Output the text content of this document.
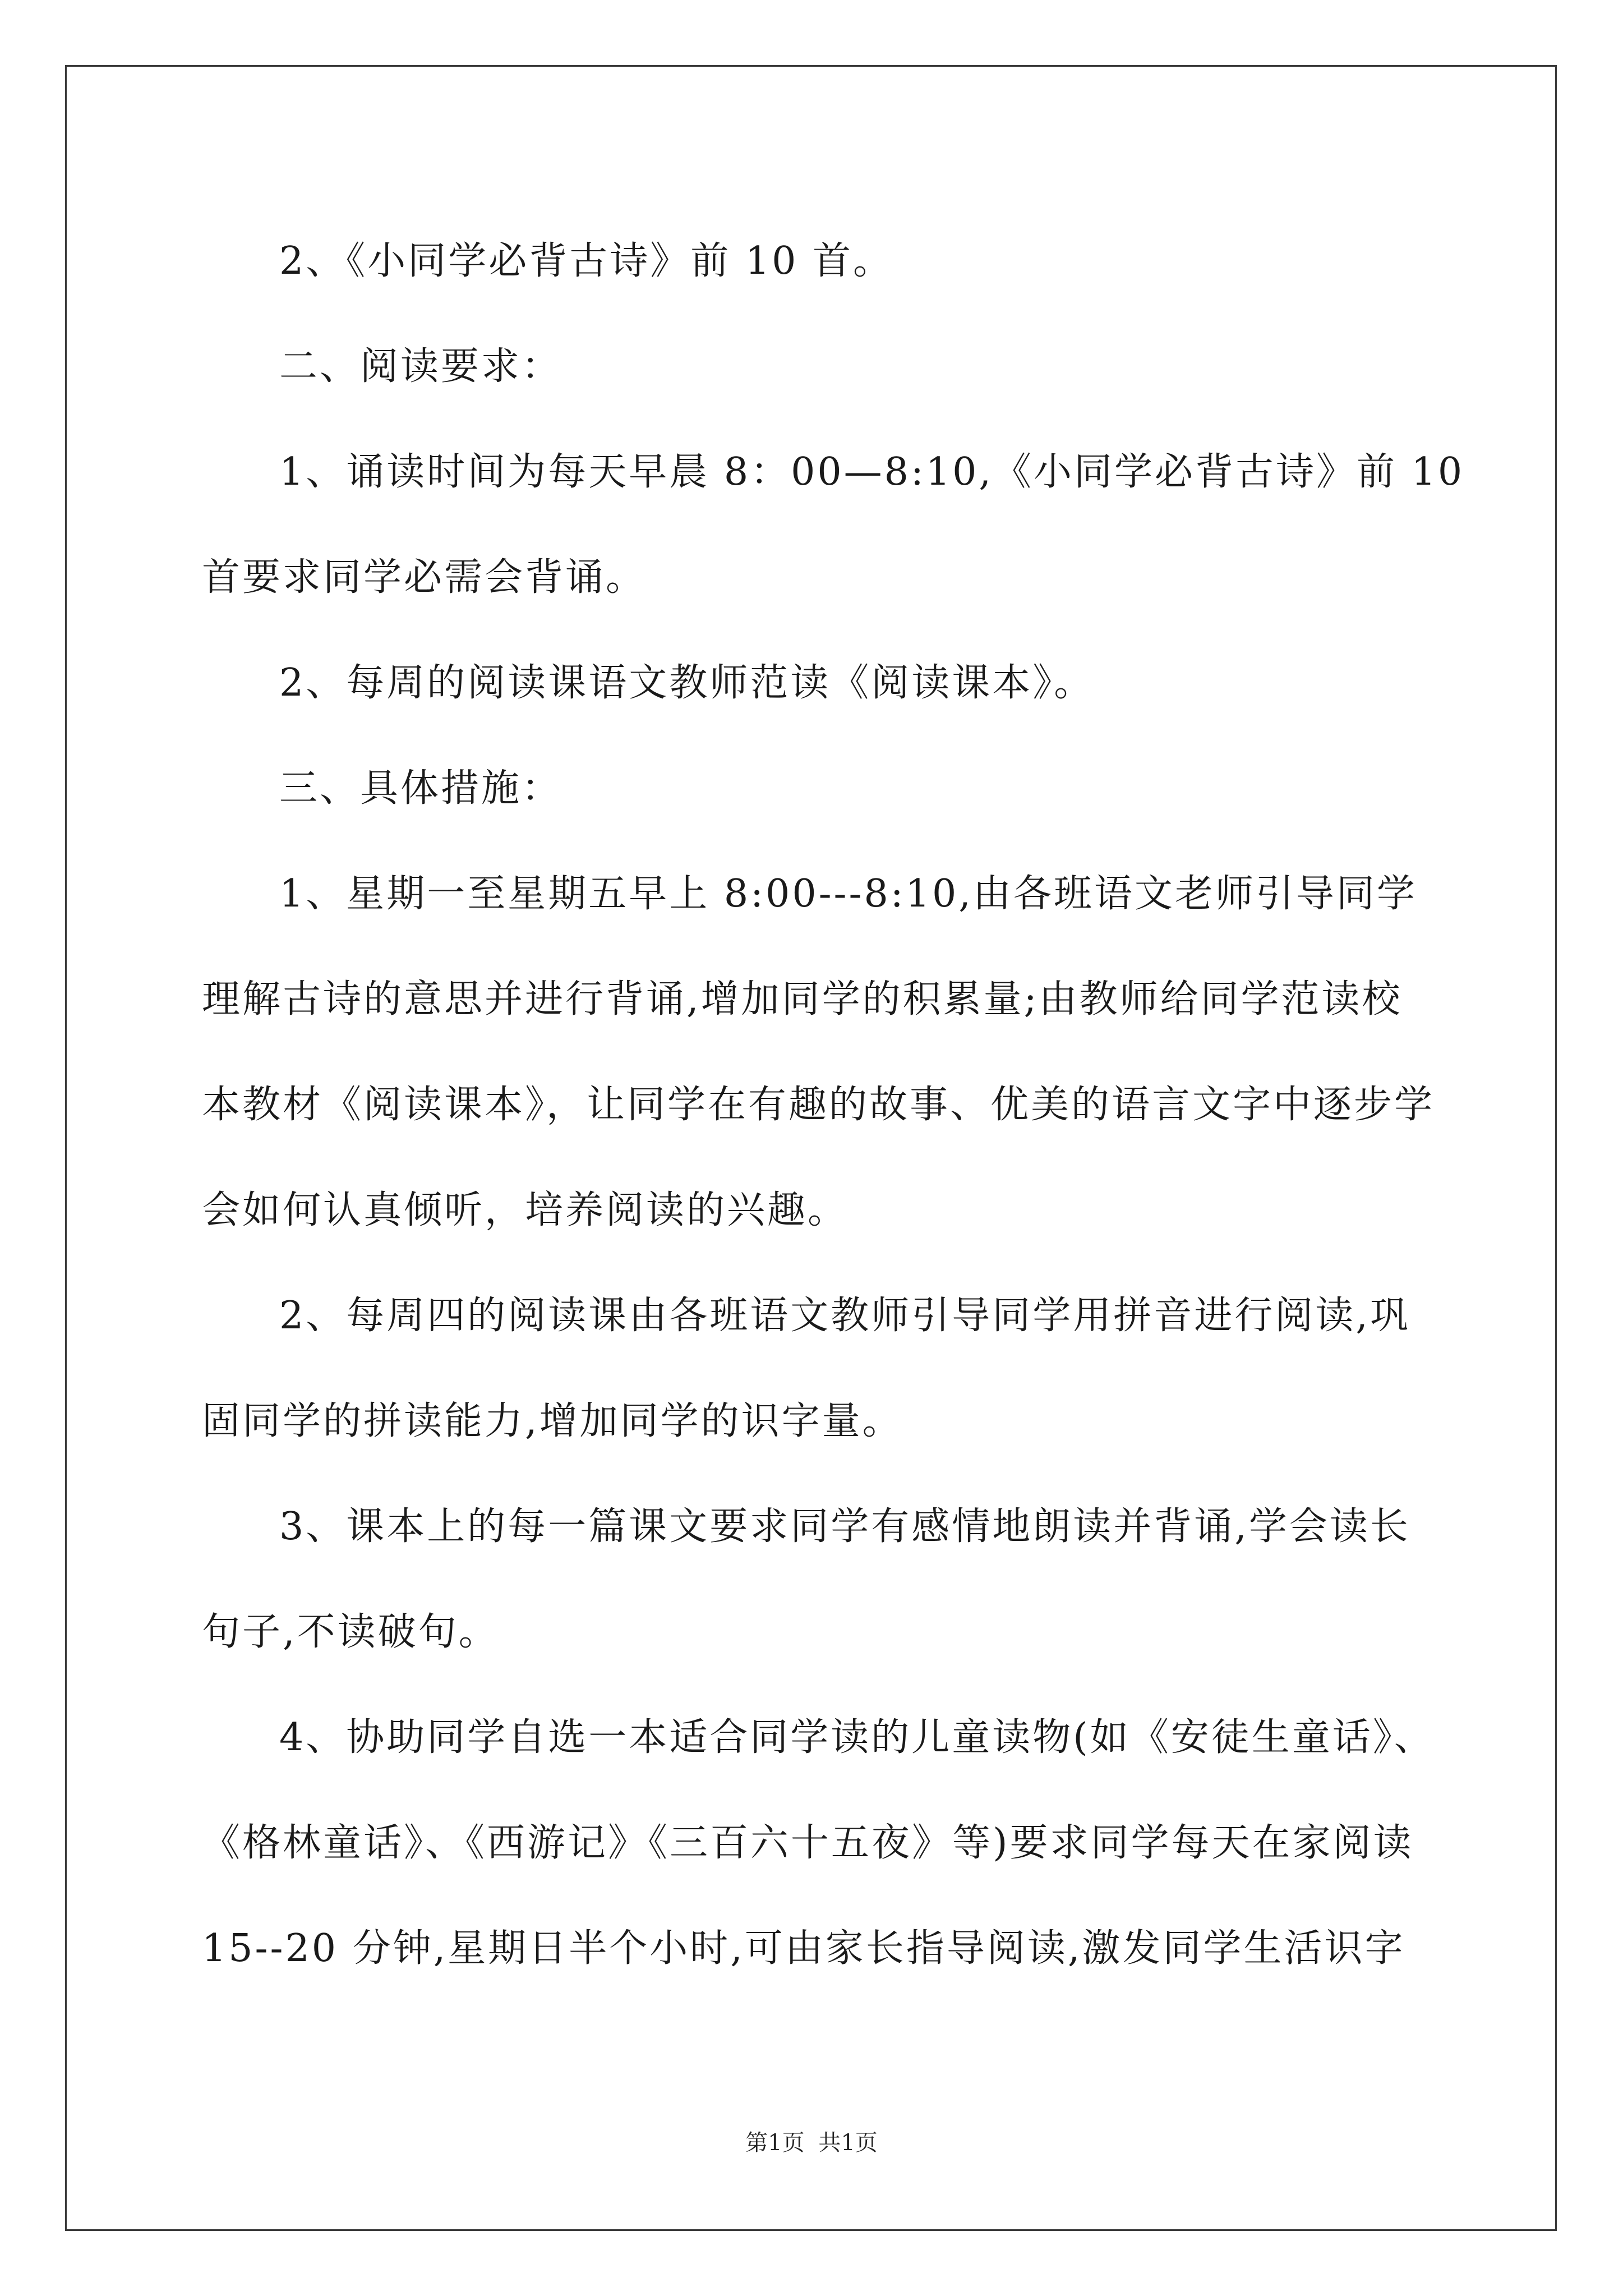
2、《小同学必背古诗》前 10 首。

二、阅读要求：

1、诵读时间为每天早晨 8：00—8:10,《小同学必背古诗》前 10
首要求同学必需会背诵。

2、每周的阅读课语文教师范读《阅读课本》。

三、具体措施：

1、星期一至星期五早上 8:00---8:10,由各班语文老师引导同学
理解古诗的意思并进行背诵,增加同学的积累量;由教师给同学范读校
本教材《阅读课本》，让同学在有趣的故事、优美的语言文字中逐步学
会如何认真倾听，培养阅读的兴趣。

2、每周四的阅读课由各班语文教师引导同学用拼音进行阅读,巩
固同学的拼读能力,增加同学的识字量。

3、课本上的每一篇课文要求同学有感情地朗读并背诵,学会读长
句子,不读破句。

4、协助同学自选一本适合同学读的儿童读物(如《安徒生童话》、
《格林童话》、《西游记》《三百六十五夜》等)要求同学每天在家阅读
15--20 分钟,星期日半个小时,可由家长指导阅读,激发同学生活识字

第1页 共1页
